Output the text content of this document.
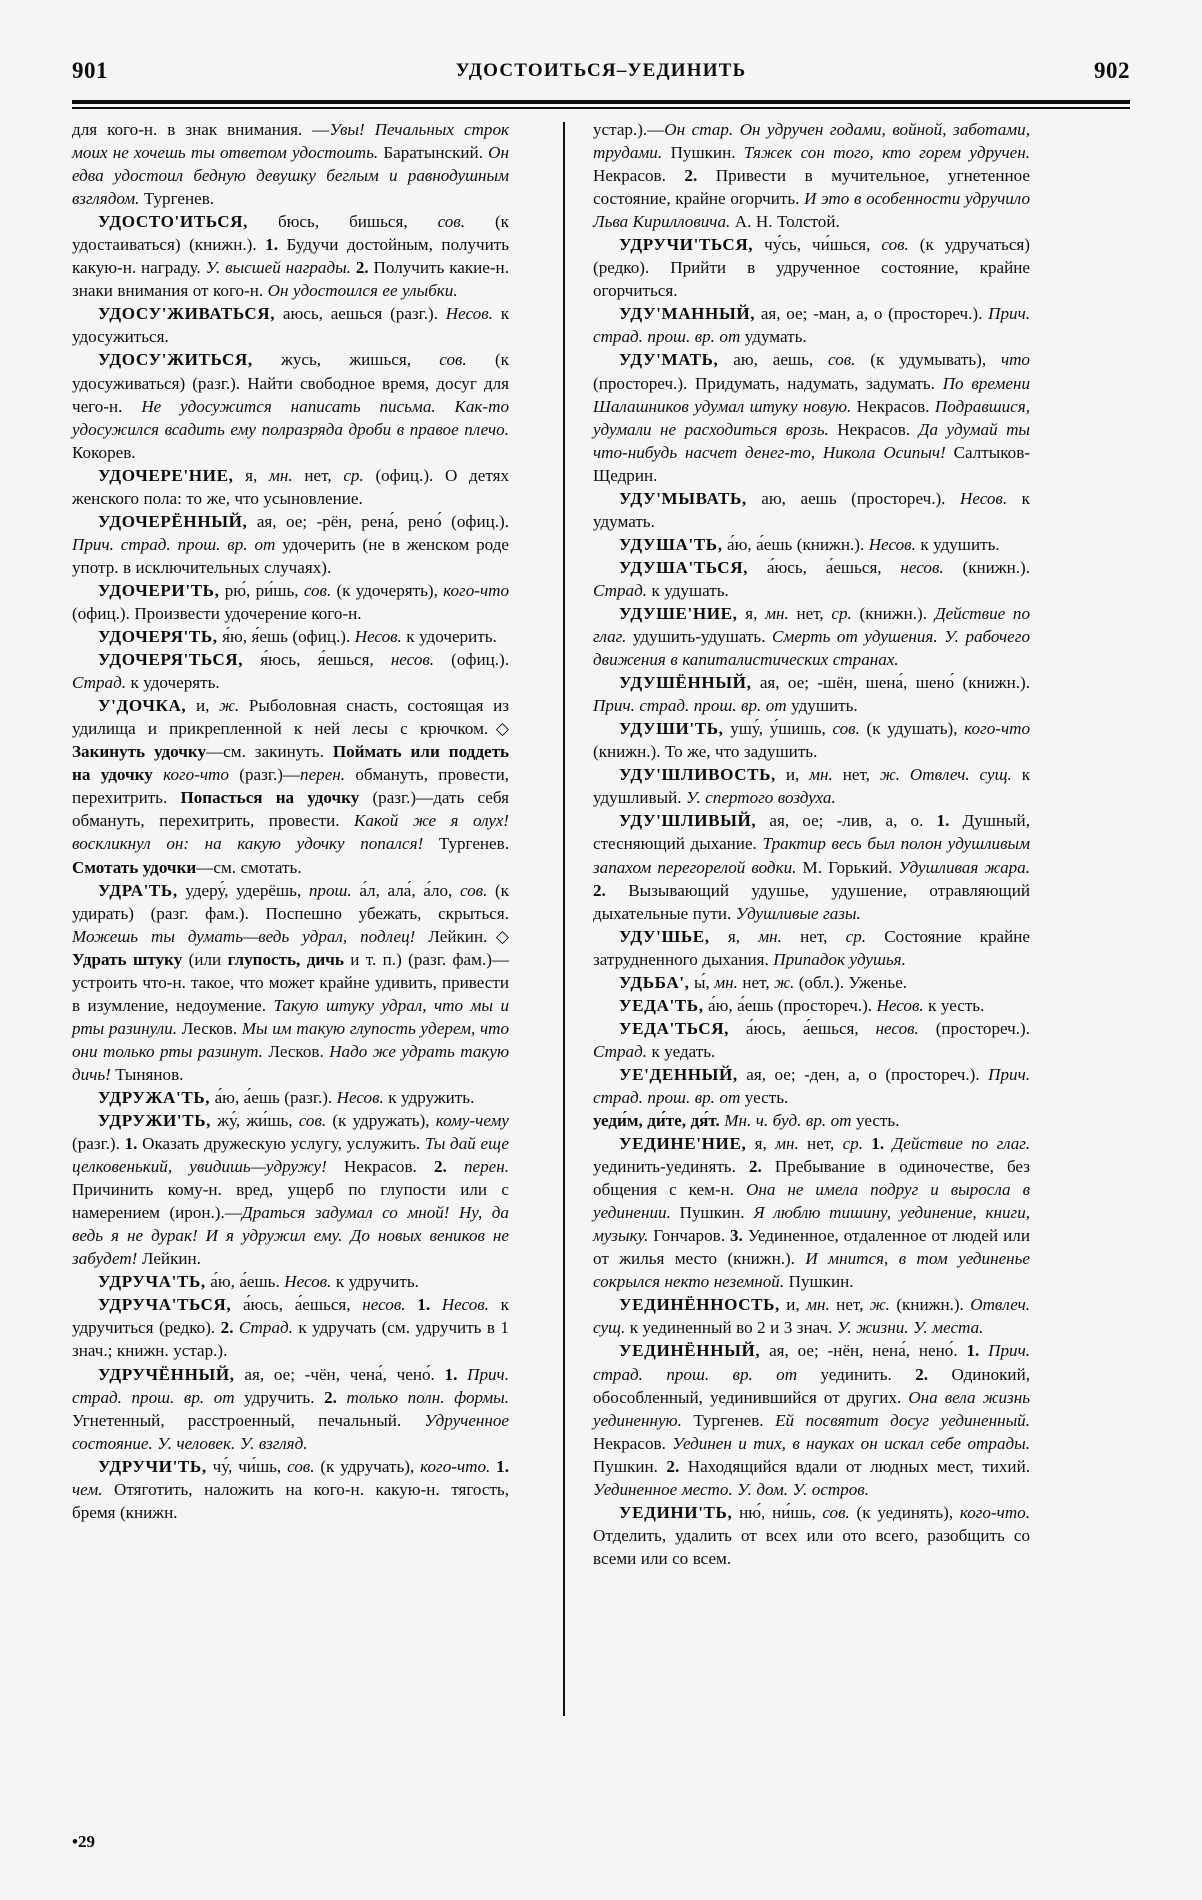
901	УДОСТОИТЬСЯ–УЕДИНИТЬ	902

для кого-н. в знак внимания. —Увы! Печальных строк моих не хочешь ты ответом удостоить. Баратынский. Он едва удостоил бедную девушку беглым и равнодушным взглядом. Тургенев.

УДОСТО'ИТЬСЯ, бюсь, бишься, сов. (к удостаиваться) (книжн.). 1. Будучи достойным, получить какую-н. награду. У. высшей награды. 2. Получить какие-н. знаки внимания от кого-н. Он удостоился ее улыбки.

УДОСУ'ЖИВАТЬСЯ, аюсь, аешься (разг.). Несов. к удосужиться.

УДОСУ'ЖИТЬСЯ, жусь, жишься, сов. (к удосуживаться) (разг.). Найти свободное время, досуг для чего-н. Не удосужится написать письма. Как-то удосужился всадить ему полразряда дроби в правое плечо. Кокорев.

УДОЧЕРЕ'НИЕ, я, мн. нет, ср. (офиц.). О детях женского пола: то же, что усыновление.

УДОЧЕРЁННЫЙ, ая, ое; -рён, рена́, рено́ (офиц.). Прич. страд. прош. вр. от удочерить (не в женском роде употр. в исключительных случаях).

УДОЧЕРИ'ТЬ, рю́, ри́шь, сов. (к удочерять), кого-что (офиц.). Произвести удочерение кого-н.

УДОЧЕРЯ'ТЬ, я́ю, я́ешь (офиц.). Несов. к удочерить.

УДОЧЕРЯ'ТЬСЯ, я́юсь, я́ешься, несов. (офиц.). Страд. к удочерять.

У'ДОЧКА, и, ж. Рыболовная снасть, состоящая из удилища и прикрепленной к ней лесы с крючком.◇ Закинуть удочку—см. закинуть. Поймать или поддеть на удочку кого-что (разг.)—перен. обмануть, провести, перехитрить. Попасться на удочку (разг.)—дать себя обмануть, перехитрить, провести. Какой же я олух! воскликнул он: на какую удочку попался! Тургенев. Смотать удочки—см. смотать.

УДРА'ТЬ, удеру́, удерёшь, прош. а́л, ала́, а́ло, сов. (к удирать) (разг. фам.). Поспешно убежать, скрыться. Можешь ты думать—ведь удрал, подлец! Лейкин.◇ Удрать штуку (или глупость, дичь и т. п.) (разг. фам.)—устроить что-н. такое, что может крайне удивить, привести в изумление, недоумение. Такую штуку удрал, что мы и рты разинули. Лесков. Мы им такую глупость удерем, что они только рты разинут. Лесков. Надо же удрать такую дичь! Тынянов.

УДРУЖА'ТЬ, а́ю, а́ешь (разг.). Несов. к удружить.

УДРУЖИ'ТЬ, жу́, жи́шь, сов. (к удружать), кому-чему (разг.). 1. Оказать дружескую услугу, услужить. Ты дай еще целковенький, увидишь—удружу! Некрасов. 2. перен. Причинить кому-н. вред, ущерб по глупости или с намерением (ирон.).—Драться задумал со мной! Ну, да ведь я не дурак! И я удружил ему. До новых веников не забудет! Лейкин.

УДРУЧА'ТЬ, а́ю, а́ешь. Несов. к удручить.

УДРУЧА'ТЬСЯ, а́юсь, а́ешься, несов. 1. Несов. к удручиться (редко). 2. Страд. к удручать (см. удручить в 1 знач.; книжн. устар.).

УДРУЧЁННЫЙ, ая, ое; -чён, чена́, чено́. 1. Прич. страд. прош. вр. от удручить. 2. только полн. формы. Угнетенный, расстроенный, печальный. Удрученное состояние. У. человек. У. взгляд.

УДРУЧИ'ТЬ, чу́, чи́шь, сов. (к удручать), кого-что. 1. чем. Отяготить, наложить на кого-н. какую-н. тягость, бремя (книжн.

устар.).—Он стар. Он удручен годами, войной, заботами, трудами. Пушкин. Тяжек сон того, кто горем удручен. Некрасов. 2. Привести в мучительное, угнетенное состояние, крайне огорчить. И это в особенности удручило Льва Кирилловича. А. Н. Толстой.

УДРУЧИ'ТЬСЯ, чу́сь, чи́шься, сов. (к удручаться) (редко). Прийти в удрученное состояние, крайне огорчиться.

УДУ'МАННЫЙ, ая, ое; -ман, а, о (простореч.). Прич. страд. прош. вр. от удумать.

УДУ'МАТЬ, аю, аешь, сов. (к удумывать), что (простореч.). Придумать, надумать, задумать. По времени Шалашников удумал штуку новую. Некрасов. Подравшися, удумали не расходиться врозь. Некрасов. Да удумай ты что-нибудь насчет денег-то, Никола Осипыч! Салтыков-Щедрин.

УДУ'МЫВАТЬ, аю, аешь (простореч.). Несов. к удумать.

УДУША'ТЬ, а́ю, а́ешь (книжн.). Несов. к удушить.

УДУША'ТЬСЯ, а́юсь, а́ешься, несов. (книжн.). Страд. к удушать.

УДУШЕ'НИЕ, я, мн. нет, ср. (книжн.). Действие по глаг. удушить-удушать. Смерть от удушения. У. рабочего движения в капиталистических странах.

УДУШЁННЫЙ, ая, ое; -шён, шена́, шено́ (книжн.). Прич. страд. прош. вр. от удушить.

УДУШИ'ТЬ, ушу́, у́шишь, сов. (к удушать), кого-что (книжн.). То же, что задушить.

УДУ'ШЛИВОСТЬ, и, мн. нет, ж. Отвлеч. сущ. к удушливый. У. спертого воздуха.

УДУ'ШЛИВЫЙ, ая, ое; -лив, а, о. 1. Душный, стесняющий дыхание. Трактир весь был полон удушливым запахом перегорелой водки. М. Горький. Удушливая жара. 2. Вызывающий удушье, удушение, отравляющий дыхательные пути. Удушливые газы.

УДУ'ШЬЕ, я, мн. нет, ср. Состояние крайне затрудненного дыхания. Припадок удушья.

УДЬБА', ы́, мн. нет, ж. (обл.). Уженье.

УЕДА'ТЬ, а́ю, а́ешь (простореч.). Несов. к уесть.

УЕДА'ТЬСЯ, а́юсь, а́ешься, несов. (простореч.). Страд. к уедать.

УЕ'ДЕННЫЙ, ая, ое; -ден, а, о (простореч.). Прич. страд. прош. вр. от уесть.

уеди́м, ди́те, дя́т. Мн. ч. буд. вр. от уесть.

УЕДИНЕ'НИЕ, я, мн. нет, ср. 1. Действие по глаг. уединить-уединять. 2. Пребывание в одиночестве, без общения с кем-н. Она не имела подруг и выросла в уединении. Пушкин. Я люблю тишину, уединение, книги, музыку. Гончаров. 3. Уединенное, отдаленное от людей или от жилья место (книжн.). И мнится, в том уединенье сокрылся некто неземной. Пушкин.

УЕДИНЁННОСТЬ, и, мн. нет, ж. (книжн.). Отвлеч. сущ. к уединенный во 2 и 3 знач. У. жизни. У. места.

УЕДИНЁННЫЙ, ая, ое; -нён, нена́, нено́. 1. Прич. страд. прош. вр. от уединить. 2. Одинокий, обособленный, уединившийся от других. Она вела жизнь уединенную. Тургенев. Ей посвятит досуг уединенный. Некрасов. Уединен и тих, в науках он искал себе отрады. Пушкин. 2. Находящийся вдали от людных мест, тихий. Уединенное место. У. дом. У. остров.

УЕДИНИ'ТЬ, ню́, ни́шь, сов. (к уединять), кого-что. Отделить, удалить от всех или ото всего, разобщить со всеми или со всем.

•29
